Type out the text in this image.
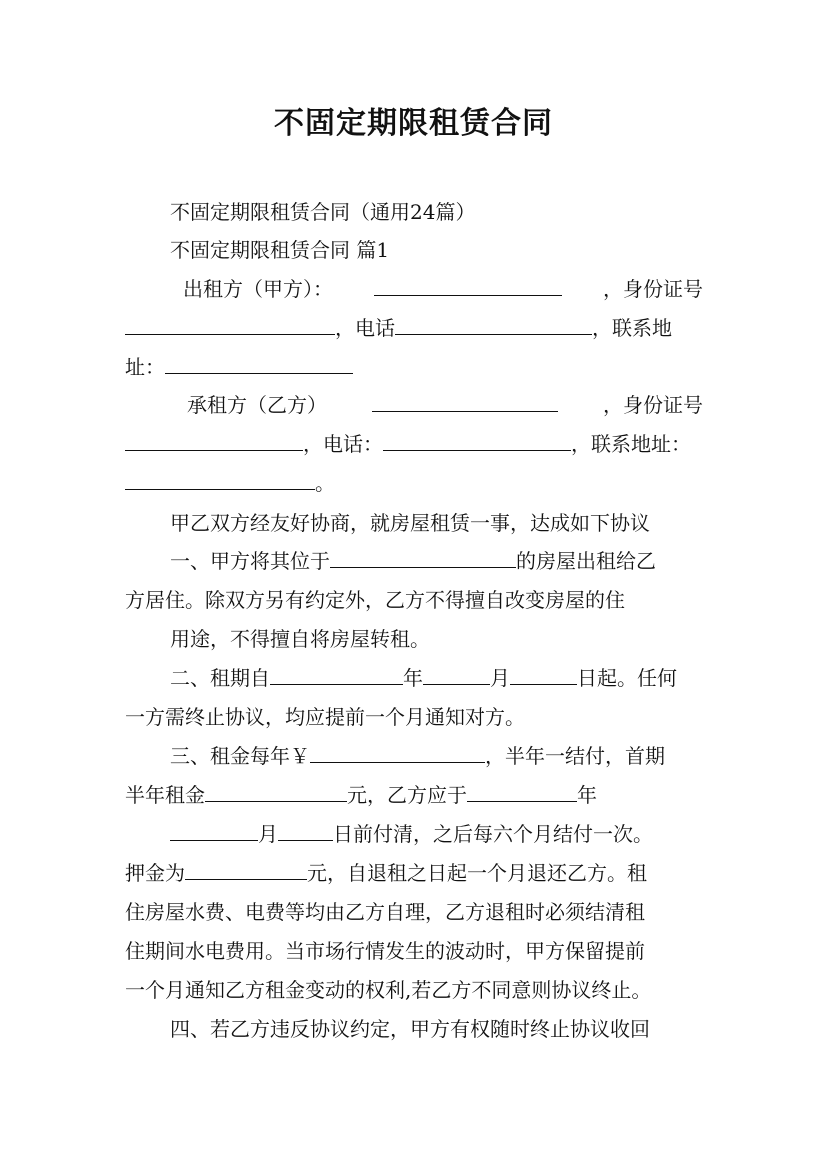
不固定期限租赁合同
不固定期限租赁合同（通用24篇）
不固定期限租赁合同 篇1
出租方（甲方）：	，身份证号
，电话	，联系地
址：
承租方（乙方）	，身份证号
，电话：	，联系地址：
。
甲乙双方经友好协商，就房屋租赁一事，达成如下协议
一、甲方将其位于	的房屋出租给乙
方居住。除双方另有约定外，乙方不得擅自改变房屋的住
用途，不得擅自将房屋转租。
二、租期自	年	月	日起。任何
一方需终止协议，均应提前一个月通知对方。
三、租金每年￥	，半年一结付，首期
半年租金	元，乙方应于	年
月	日前付清，之后每六个月结付一次。
押金为	元，自退租之日起一个月退还乙方。租
住房屋水费、电费等均由乙方自理，乙方退租时必须结清租
住期间水电费用。当市场行情发生的波动时，甲方保留提前
一个月通知乙方租金变动的权利,若乙方不同意则协议终止。
四、若乙方违反协议约定，甲方有权随时终止协议收回
